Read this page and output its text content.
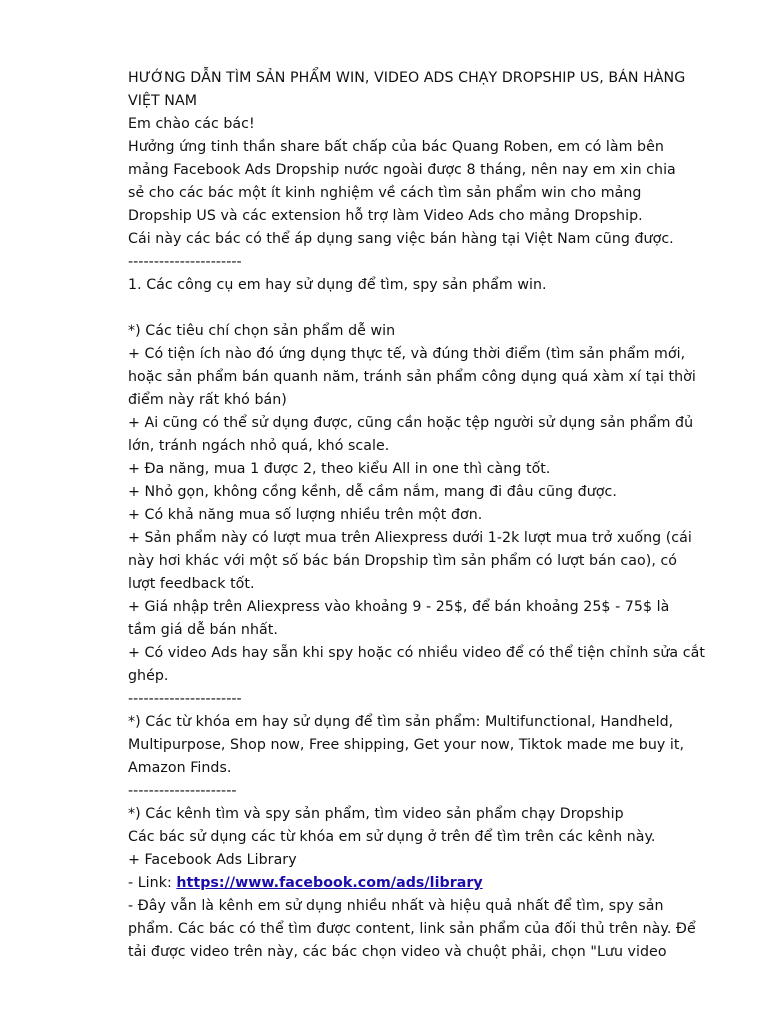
HƯỚNG DẪN TÌM SẢN PHẨM WIN, VIDEO ADS CHẠY DROPSHIP US, BÁN HÀNG
VIỆT NAM
Em chào các bác!
Hưởng ứng tinh thần share bất chấp của bác Quang Roben, em có làm bên
mảng Facebook Ads Dropship nước ngoài được 8 tháng, nên nay em xin chia
sẻ cho các bác một ít kinh nghiệm về cách tìm sản phẩm win cho mảng
Dropship US và các extension hỗ trợ làm Video Ads cho mảng Dropship.
Cái này các bác có thể áp dụng sang việc bán hàng tại Việt Nam cũng được.
----------------------
1. Các công cụ em hay sử dụng để tìm, spy sản phẩm win.
*) Các tiêu chí chọn sản phẩm dễ win
+ Có tiện ích nào đó ứng dụng thực tế, và đúng thời điểm (tìm sản phẩm mới,
hoặc sản phẩm bán quanh năm, tránh sản phẩm công dụng quá xàm xí tại thời
điểm này rất khó bán)
+ Ai cũng có thể sử dụng được, cũng cần hoặc tệp người sử dụng sản phẩm đủ
lớn, tránh ngách nhỏ quá, khó scale.
+ Đa năng, mua 1 được 2, theo kiểu All in one thì càng tốt.
+ Nhỏ gọn, không cồng kềnh, dễ cầm nắm, mang đi đâu cũng được.
+ Có khả năng mua số lượng nhiều trên một đơn.
+ Sản phẩm này có lượt mua trên Aliexpress dưới 1-2k lượt mua trở xuống (cái
này hơi khác với một số bác bán Dropship tìm sản phẩm có lượt bán cao), có
lượt feedback tốt.
+ Giá nhập trên Aliexpress vào khoảng 9 - 25$, để bán khoảng 25$ - 75$ là
tầm giá dễ bán nhất.
+ Có video Ads hay sẵn khi spy hoặc có nhiều video để có thể tiện chỉnh sửa cắt
ghép.
----------------------
*) Các từ khóa em hay sử dụng để tìm sản phẩm: Multifunctional, Handheld,
Multipurpose, Shop now, Free shipping, Get your now, Tiktok made me buy it,
Amazon Finds.
---------------------
*) Các kênh tìm và spy sản phẩm, tìm video sản phẩm chạy Dropship
Các bác sử dụng các từ khóa em sử dụng ở trên để tìm trên các kênh này.
+ Facebook Ads Library
- Link: https://www.facebook.com/ads/library
- Đây vẫn là kênh em sử dụng nhiều nhất và hiệu quả nhất để tìm, spy sản
phẩm. Các bác có thể tìm được content, link sản phẩm của đối thủ trên này. Để
tải được video trên này, các bác chọn video và chuột phải, chọn "Lưu video
